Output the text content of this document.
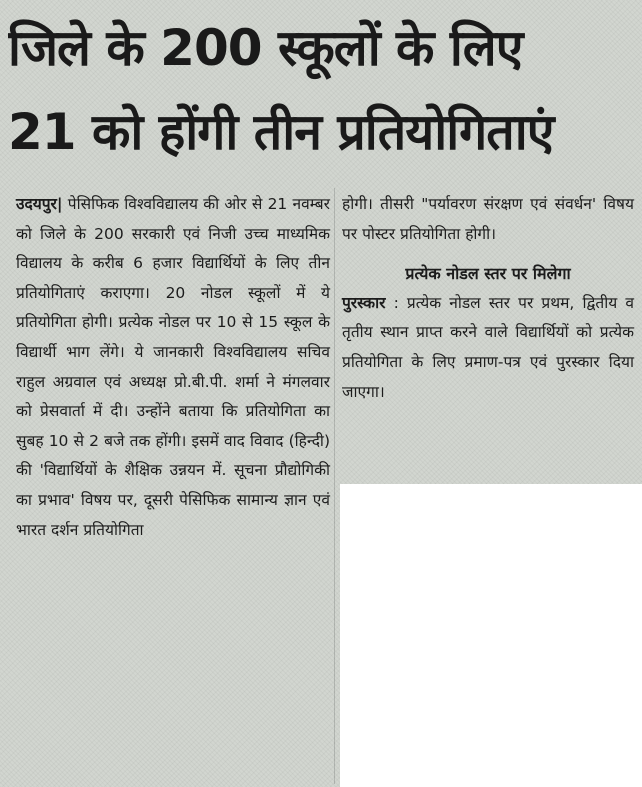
जिले के 200 स्कूलों के लिए
21 को होंगी तीन प्रतियोगिताएं

उदयपुर| पेसिफिक विश्वविद्यालय की ओर से 21 नवम्बर को जिले के 200 सरकारी एवं निजी उच्च माध्यमिक विद्यालय के करीब 6 हजार विद्यार्थियों के लिए तीन प्रतियोगिताएं कराएगा। 20 नोडल स्कूलों में ये प्रतियोगिता होगी। प्रत्येक नोडल पर 10 से 15 स्कूल के विद्यार्थी भाग लेंगे। ये जानकारी विश्वविद्यालय सचिव राहुल अग्रवाल एवं अध्यक्ष प्रो.बी.पी. शर्मा ने मंगलवार को प्रेसवार्ता में दी। उन्होंने बताया कि प्रतियोगिता का सुबह 10 से 2 बजे तक होंगी। इसमें वाद विवाद (हिन्दी) की 'विद्यार्थियों के शैक्षिक उन्नयन में. सूचना प्रौद्योगिकी का प्रभाव' विषय पर, दूसरी पेसिफिक सामान्य ज्ञान एवं भारत दर्शन प्रतियोगिता

होगी। तीसरी "पर्यावरण संरक्षण एवं संवर्धन' विषय पर पोस्टर प्रतियोगिता होगी।

प्रत्येक नोडल स्तर पर मिलेगा

पुरस्कार : प्रत्येक नोडल स्तर पर प्रथम, द्वितीय व तृतीय स्थान प्राप्त करने वाले विद्यार्थियों को प्रत्येक प्रतियोगिता के लिए प्रमाण-पत्र एवं पुरस्कार दिया जाएगा।
